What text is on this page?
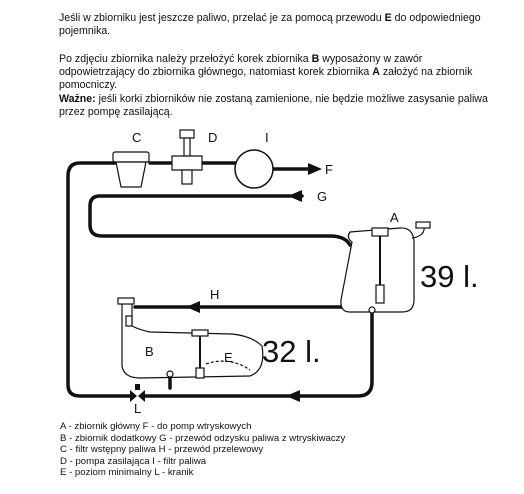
Jeśli w zbiorniku jest jeszcze paliwo, przelać je za pomocą przewodu E do odpowiedniego pojemnika.

Po zdjęciu zbiornika należy przełożyć korek zbiornika B wyposażony w zawór odpowietrzający do zbiornika głównego, natomiast korek zbiornika A założyć na zbiornik pomocniczy.

Ważne: jeśli korki zbiorników nie zostaną zamienione, nie będzie możliwe zasysanie paliwa przez pompę zasilającą.

C	D	I
F
G
A
H
B	E
L
39 l.
32 l.
A - zbiornik główny F - do pomp wtryskowych
B - zbiornik dodatkowy G - przewód odzysku paliwa z wtryskiwaczy
C - filtr wstępny paliwa H - przewód przelewowy
D - pompa zasilająca I - filtr paliwa
E - poziom minimalny L - kranik
